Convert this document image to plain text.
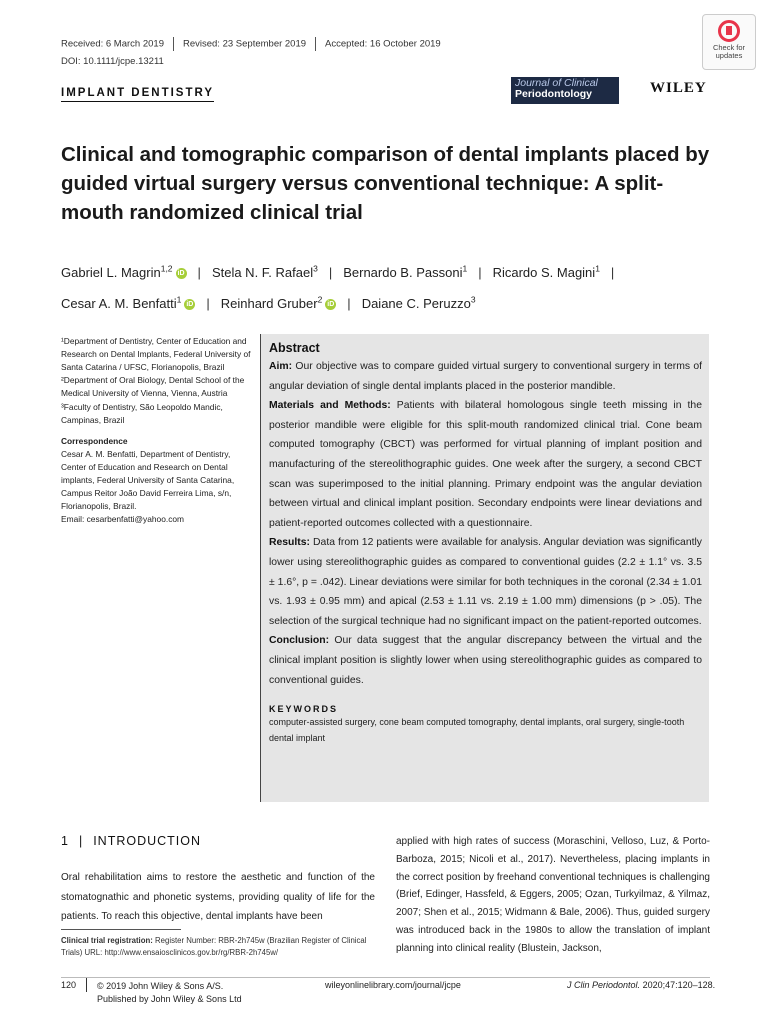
Received: 6 March 2019 Revised: 23 September 2019 Accepted: 16 October 2019
DOI: 10.1111/jcpe.13211
IMPLANT DENTISTRY
Journal of Clinical
Periodontology	WILEY
Check for
updates
Clinical and tomographic comparison of dental implants placed by guided virtual surgery versus conventional technique: A split-mouth randomized clinical trial
Gabriel L. Magrin$^{1,2}$ iD | Stela N. F. Rafael$^3$ | Bernardo B. Passoni$^1$ | Ricardo S. Magini$^1$ |
Cesar A. M. Benfatti$^1$ iD | Reinhard Gruber$^2$ iD | Daiane C. Peruzzo$^3$

¹Department of Dentistry, Center of Education and Research on Dental Implants, Federal University of Santa Catarina / UFSC, Florianopolis, Brazil

²Department of Oral Biology, Dental School of the Medical University of Vienna, Vienna, Austria

³Faculty of Dentistry, São Leopoldo Mandic, Campinas, Brazil

Correspondence

Cesar A. M. Benfatti, Department of Dentistry, Center of Education and Research on Dental implants, Federal University of Santa Catarina, Campus Reitor João David Ferreira Lima, s/n, Florianopolis, Brazil.

Email: cesarbenfatti@yahoo.com

Abstract

Aim: Our objective was to compare guided virtual surgery to conventional surgery in terms of angular deviation of single dental implants placed in the posterior mandible.

Materials and Methods: Patients with bilateral homologous single teeth missing in the posterior mandible were eligible for this split-mouth randomized clinical trial. Cone beam computed tomography (CBCT) was performed for virtual planning of implant position and manufacturing of the stereolithographic guides. One week after the surgery, a second CBCT scan was superimposed to the initial planning. Primary endpoint was the angular deviation between virtual and clinical implant position. Secondary endpoints were linear deviations and patient-reported outcomes collected with a questionnaire.

Results: Data from 12 patients were available for analysis. Angular deviation was significantly lower using stereolithographic guides as compared to conventional guides (2.2 ± 1.1° vs. 3.5 ± 1.6°, p = .042). Linear deviations were similar for both techniques in the coronal (2.34 ± 1.01 vs. 1.93 ± 0.95 mm) and apical (2.53 ± 1.11 vs. 2.19 ± 1.00 mm) dimensions (p > .05). The selection of the surgical technique had no significant impact on the patient-reported outcomes.

Conclusion: Our data suggest that the angular discrepancy between the virtual and the clinical implant position is slightly lower when using stereolithographic guides as compared to conventional guides.

KEYWORDS
computer-assisted surgery, cone beam computed tomography, dental implants, oral surgery, single-tooth dental implant
1 | INTRODUCTION
Oral rehabilitation aims to restore the aesthetic and function of the stomatognathic and phonetic systems, providing quality of life for the patients. To reach this objective, dental implants have been
applied with high rates of success (Moraschini, Velloso, Luz, & Porto-Barboza, 2015; Nicoli et al., 2017). Nevertheless, placing implants in the correct position by freehand conventional techniques is challenging (Brief, Edinger, Hassfeld, & Eggers, 2005; Ozan, Turkyilmaz, & Yilmaz, 2007; Shen et al., 2015; Widmann & Bale, 2006). Thus, guided surgery was introduced back in the 1980s to allow the translation of implant planning into clinical reality (Blustein, Jackson,
Clinical trial registration: Register Number: RBR-2h745w (Brazilian Register of Clinical Trials) URL: http://www.ensaiosclinicos.gov.br/rg/RBR-2h745w/
120 © 2019 John Wiley & Sons A/S.
Published by John Wiley & Sons Ltd
wileyonlinelibrary.com/journal/jcpe	J Clin Periodontol. 2020;47:120–128.
